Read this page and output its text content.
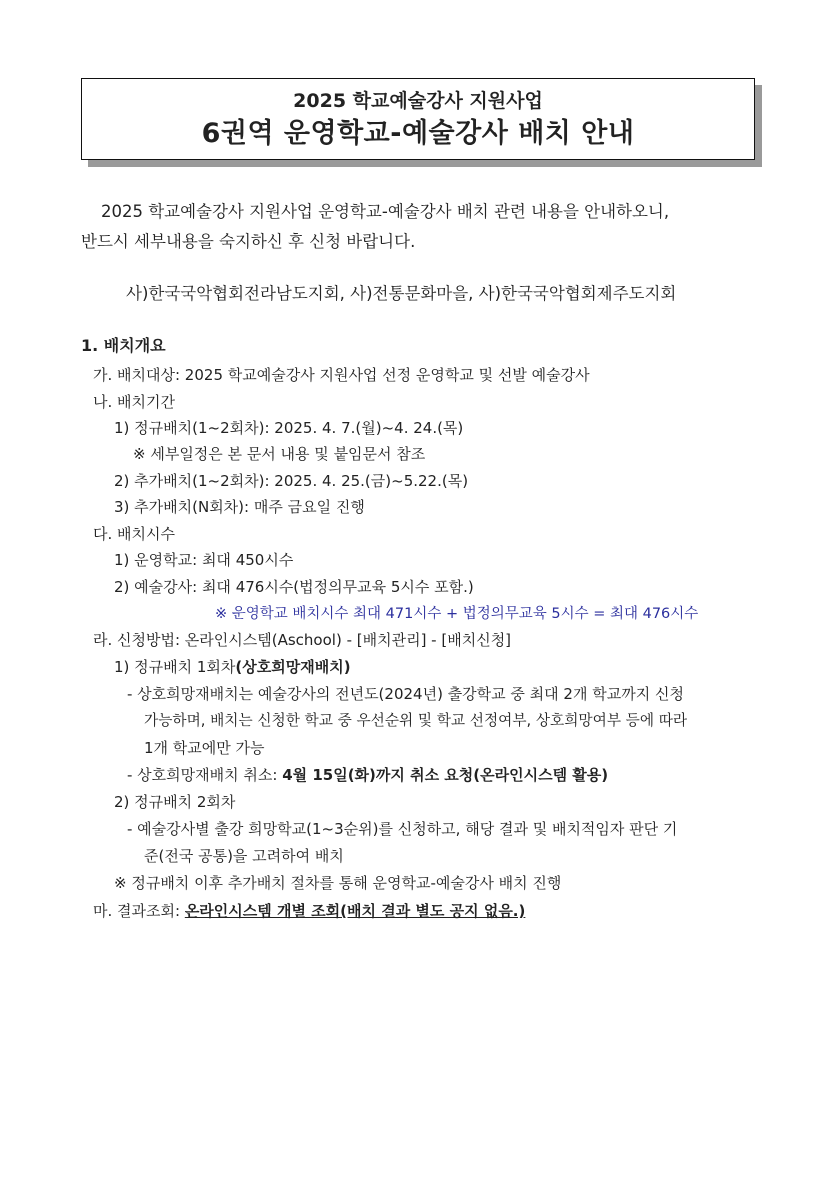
2025 학교예술강사 지원사업
6권역 운영학교-예술강사 배치 안내
2025 학교예술강사 지원사업 운영학교-예술강사 배치 관련 내용을 안내하오니,
반드시 세부내용을 숙지하신 후 신청 바랍니다.
사)한국국악협회전라남도지회, 사)전통문화마을, 사)한국국악협회제주도지회
1. 배치개요
가. 배치대상: 2025 학교예술강사 지원사업 선정 운영학교 및 선발 예술강사
나. 배치기간
1) 정규배치(1~2회차): 2025. 4. 7.(월)~4. 24.(목)
※ 세부일정은 본 문서 내용 및 붙임문서 참조
2) 추가배치(1~2회차): 2025. 4. 25.(금)~5.22.(목)
3) 추가배치(N회차): 매주 금요일 진행
다. 배치시수
1) 운영학교: 최대 450시수
2) 예술강사: 최대 476시수(법정의무교육 5시수 포함.)
※ 운영학교 배치시수 최대 471시수 + 법정의무교육 5시수 = 최대 476시수
라. 신청방법: 온라인시스템(Aschool) - [배치관리] - [배치신청]
1) 정규배치 1회차(상호희망재배치)
- 상호희망재배치는 예술강사의 전년도(2024년) 출강학교 중 최대 2개 학교까지 신청
가능하며, 배치는 신청한 학교 중 우선순위 및 학교 선정여부, 상호희망여부 등에 따라
1개 학교에만 가능
- 상호희망재배치 취소: 4월 15일(화)까지 취소 요청(온라인시스템 활용)
2) 정규배치 2회차
- 예술강사별 출강 희망학교(1~3순위)를 신청하고, 해당 결과 및 배치적임자 판단 기
준(전국 공통)을 고려하여 배치
※ 정규배치 이후 추가배치 절차를 통해 운영학교-예술강사 배치 진행
마. 결과조회: 온라인시스템 개별 조회(배치 결과 별도 공지 없음.)
